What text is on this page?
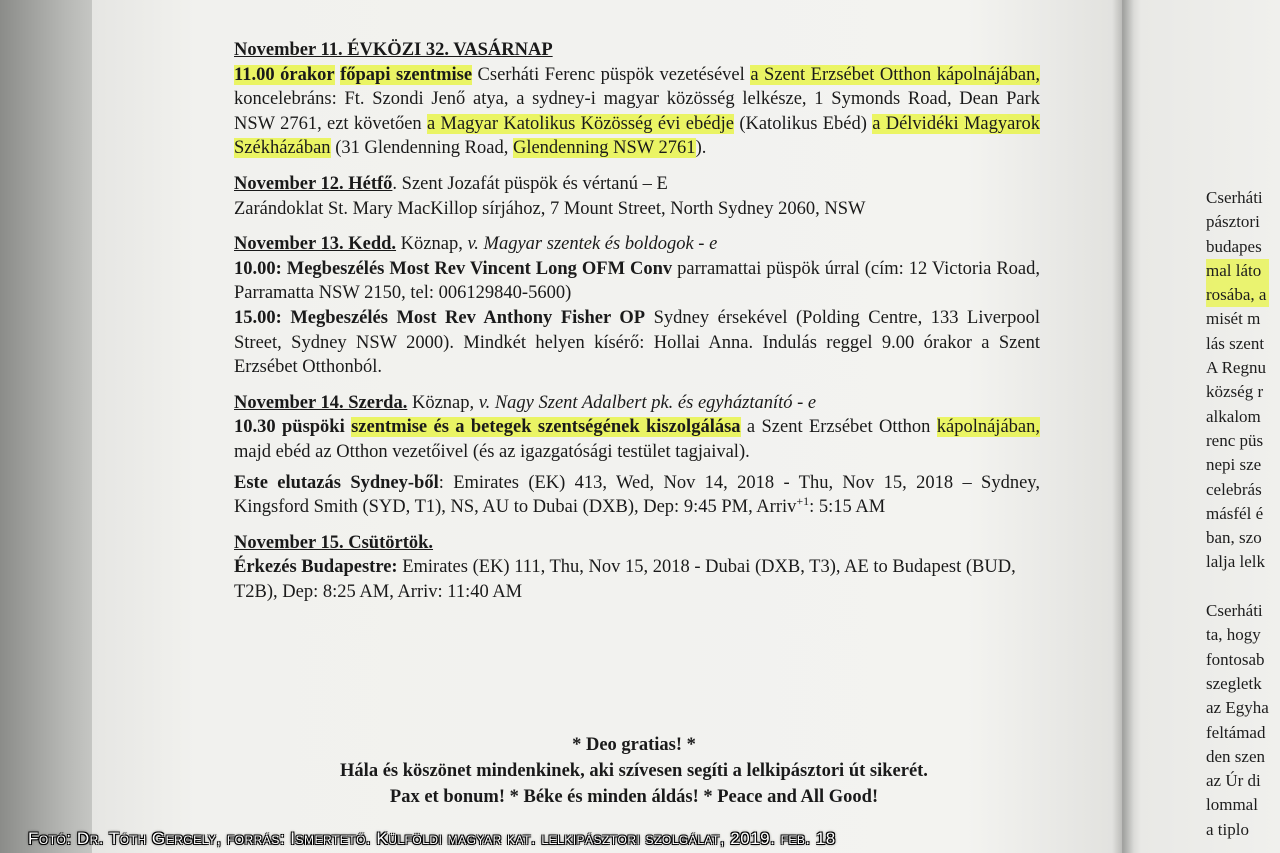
Cserháti
pásztori
budapes
mal láto
rosába, a
misét m
lás szent
A Regnu
község r
alkalom
renc püs
nepi sze
celebrás
másfél é
ban, szo
lalja lelk

Cserháti
ta, hogy
fontosab
szegletk
az Egyha
feltámad
den szen
az Úr di
lommal
a tiplo

November 11. ÉVKÖZI 32. VASÁRNAP

11.00 órakor főpapi szentmise Cserháti Ferenc püspök vezetésével a Szent Erzsébet Otthon kápolnájában, koncelebráns: Ft. Szondi Jenő atya, a sydney-i magyar közösség lelkésze, 1 Symonds Road, Dean Park NSW 2761, ezt követően a Magyar Katolikus Közösség évi ebédje (Katolikus Ebéd) a Délvidéki Magyarok Székházában (31 Glendenning Road, Glendenning NSW 2761).

November 12. Hétfő. Szent Jozafát püspök és vértanú – E

Zarándoklat St. Mary MacKillop sírjához, 7 Mount Street, North Sydney 2060, NSW

November 13. Kedd. Köznap, v. Magyar szentek és boldogok - e

10.00: Megbeszélés Most Rev Vincent Long OFM Conv parramattai püspök úrral (cím: 12 Victoria Road, Parramatta NSW 2150, tel: 006129840-5600)

15.00: Megbeszélés Most Rev Anthony Fisher OP Sydney érsekével (Polding Centre, 133 Liverpool Street, Sydney NSW 2000). Mindkét helyen kísérő: Hollai Anna. Indulás reggel 9.00 órakor a Szent Erzsébet Otthonból.

November 14. Szerda. Köznap, v. Nagy Szent Adalbert pk. és egyháztanító - e

10.30 püspöki szentmise és a betegek szentségének kiszolgálása a Szent Erzsébet Otthon kápolnájában, majd ebéd az Otthon vezetőivel (és az igazgatósági testület tagjaival).

Este elutazás Sydney-ből: Emirates (EK) 413, Wed, Nov 14, 2018 - Thu, Nov 15, 2018 – Sydney, Kingsford Smith (SYD, T1), NS, AU to Dubai (DXB), Dep: 9:45 PM, Arriv$^{+1}$: 5:15 AM

November 15. Csütörtök.

Érkezés Budapestre: Emirates (EK) 111, Thu, Nov 15, 2018 - Dubai (DXB, T3), AE to Budapest (BUD, T2B), Dep: 8:25 AM, Arriv: 11:40 AM

* Deo gratias! *
Hála és köszönet mindenkinek, aki szívesen segíti a lelkipásztori út sikerét.
Pax et bonum! * Béke és minden áldás! * Peace and All Good!
Fotó: Dr. Tóth Gergely, forrás: Ismertető. Külföldi magyar kat. lelkipásztori szolgálat, 2019. feb. 18
